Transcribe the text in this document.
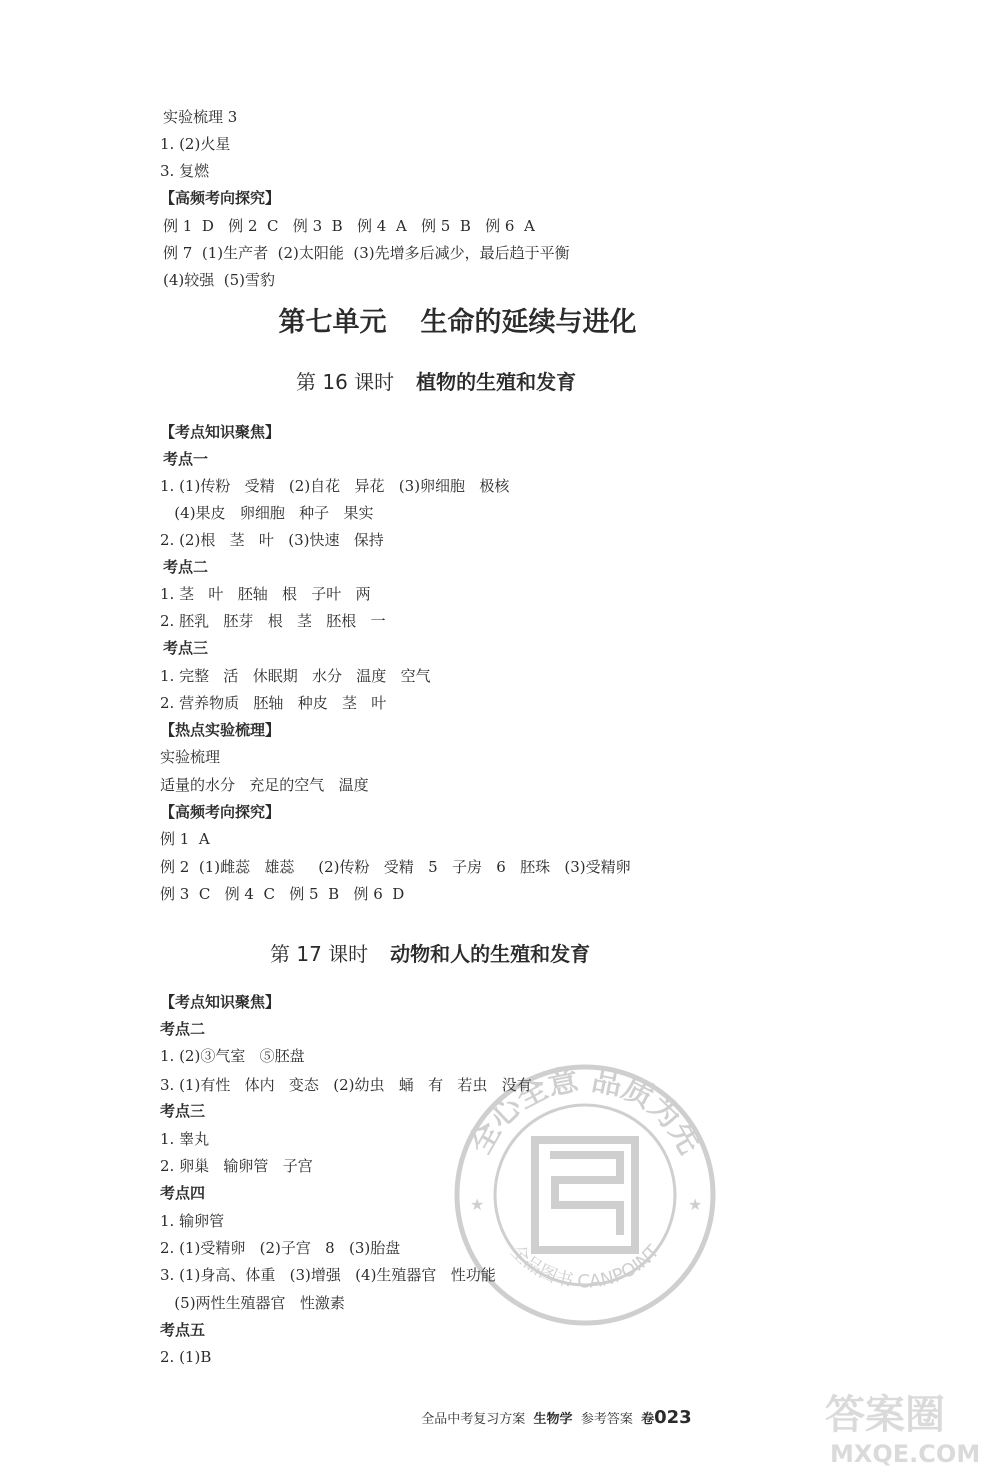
实验梳理 3
1. (2)火星
3. 复燃
【高频考向探究】
例 1  D   例 2  C   例 3  B   例 4  A   例 5  B   例 6  A
例 7  (1)生产者  (2)太阳能  (3)先增多后减少，最后趋于平衡
(4)较强  (5)雪豹
第七单元 生命的延续与进化
第 16 课时 植物的生殖和发育
【考点知识聚焦】
考点一
1. (1)传粉   受精   (2)自花   异花   (3)卵细胞   极核
(4)果皮   卵细胞   种子   果实
2. (2)根   茎   叶   (3)快速   保持
考点二
1. 茎   叶   胚轴   根   子叶   两
2. 胚乳   胚芽   根   茎   胚根   一
考点三
1. 完整   活   休眠期   水分   温度   空气
2. 营养物质   胚轴   种皮   茎   叶
【热点实验梳理】
实验梳理
适量的水分   充足的空气   温度
【高频考向探究】
例 1  A
例 2  (1)雌蕊   雄蕊     (2)传粉   受精   5   子房   6   胚珠   (3)受精卵
例 3  C   例 4  C   例 5  B   例 6  D
第 17 课时 动物和人的生殖和发育
【考点知识聚焦】
考点二
1. (2)③气室   ⑤胚盘
3. (1)有性   体内   变态   (2)幼虫   蛹   有   若虫   没有
考点三
1. 睾丸
2. 卵巢   输卵管   子宫
考点四
1. 输卵管
2. (1)受精卵   (2)子宫   8   (3)胎盘
3. (1)身高、体重   (3)增强   (4)生殖器官   性功能
(5)两性生殖器官   性激素
考点五
2. (1)B
全心全意 品质为先
全品图书 CANPOINT
★	★

全品中考复习方案 生物学 参考答案 卷023	答案圈
MXQE.COM
